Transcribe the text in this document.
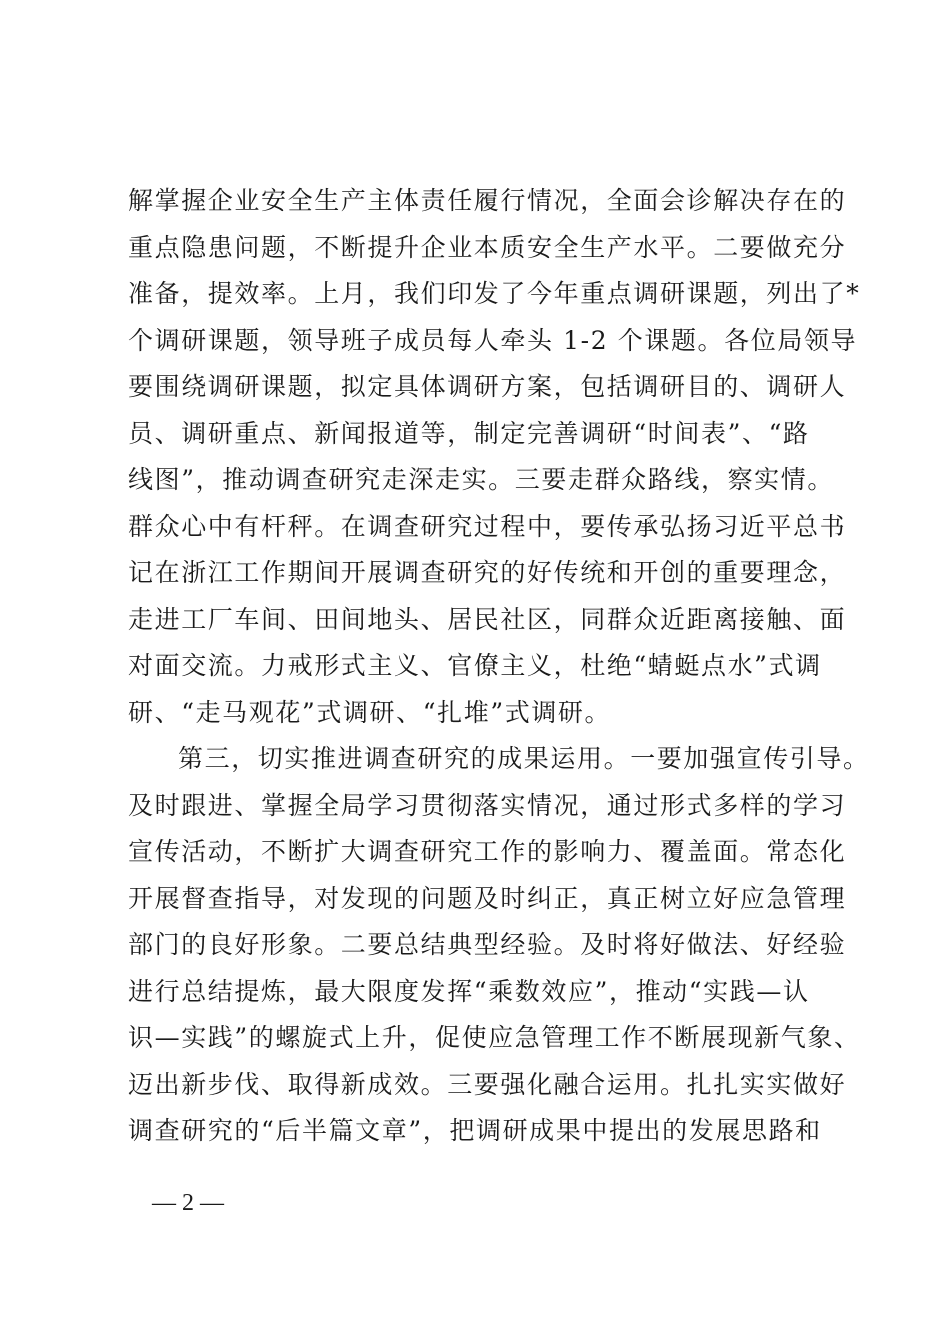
解掌握企业安全生产主体责任履行情况，全面会诊解决存在的
重点隐患问题，不断提升企业本质安全生产水平。二要做充分
准备，提效率。上月，我们印发了今年重点调研课题，列出了*
个调研课题，领导班子成员每人牵头 1-2 个课题。各位局领导
要围绕调研课题，拟定具体调研方案，包括调研目的、调研人
员、调研重点、新闻报道等，制定完善调研“时间表”、“路
线图”，推动调查研究走深走实。三要走群众路线，察实情。
群众心中有杆秤。在调查研究过程中，要传承弘扬习近平总书
记在浙江工作期间开展调查研究的好传统和开创的重要理念，
走进工厂车间、田间地头、居民社区，同群众近距离接触、面
对面交流。力戒形式主义、官僚主义，杜绝“蜻蜓点水”式调
研、“走马观花”式调研、“扎堆”式调研。
第三，切实推进调查研究的成果运用。一要加强宣传引导。
及时跟进、掌握全局学习贯彻落实情况，通过形式多样的学习
宣传活动，不断扩大调查研究工作的影响力、覆盖面。常态化
开展督查指导，对发现的问题及时纠正，真正树立好应急管理
部门的良好形象。二要总结典型经验。及时将好做法、好经验
进行总结提炼，最大限度发挥“乘数效应”，推动“实践—认
识—实践”的螺旋式上升，促使应急管理工作不断展现新气象、
迈出新步伐、取得新成效。三要强化融合运用。扎扎实实做好
调查研究的“后半篇文章”，把调研成果中提出的发展思路和
— 2 —
